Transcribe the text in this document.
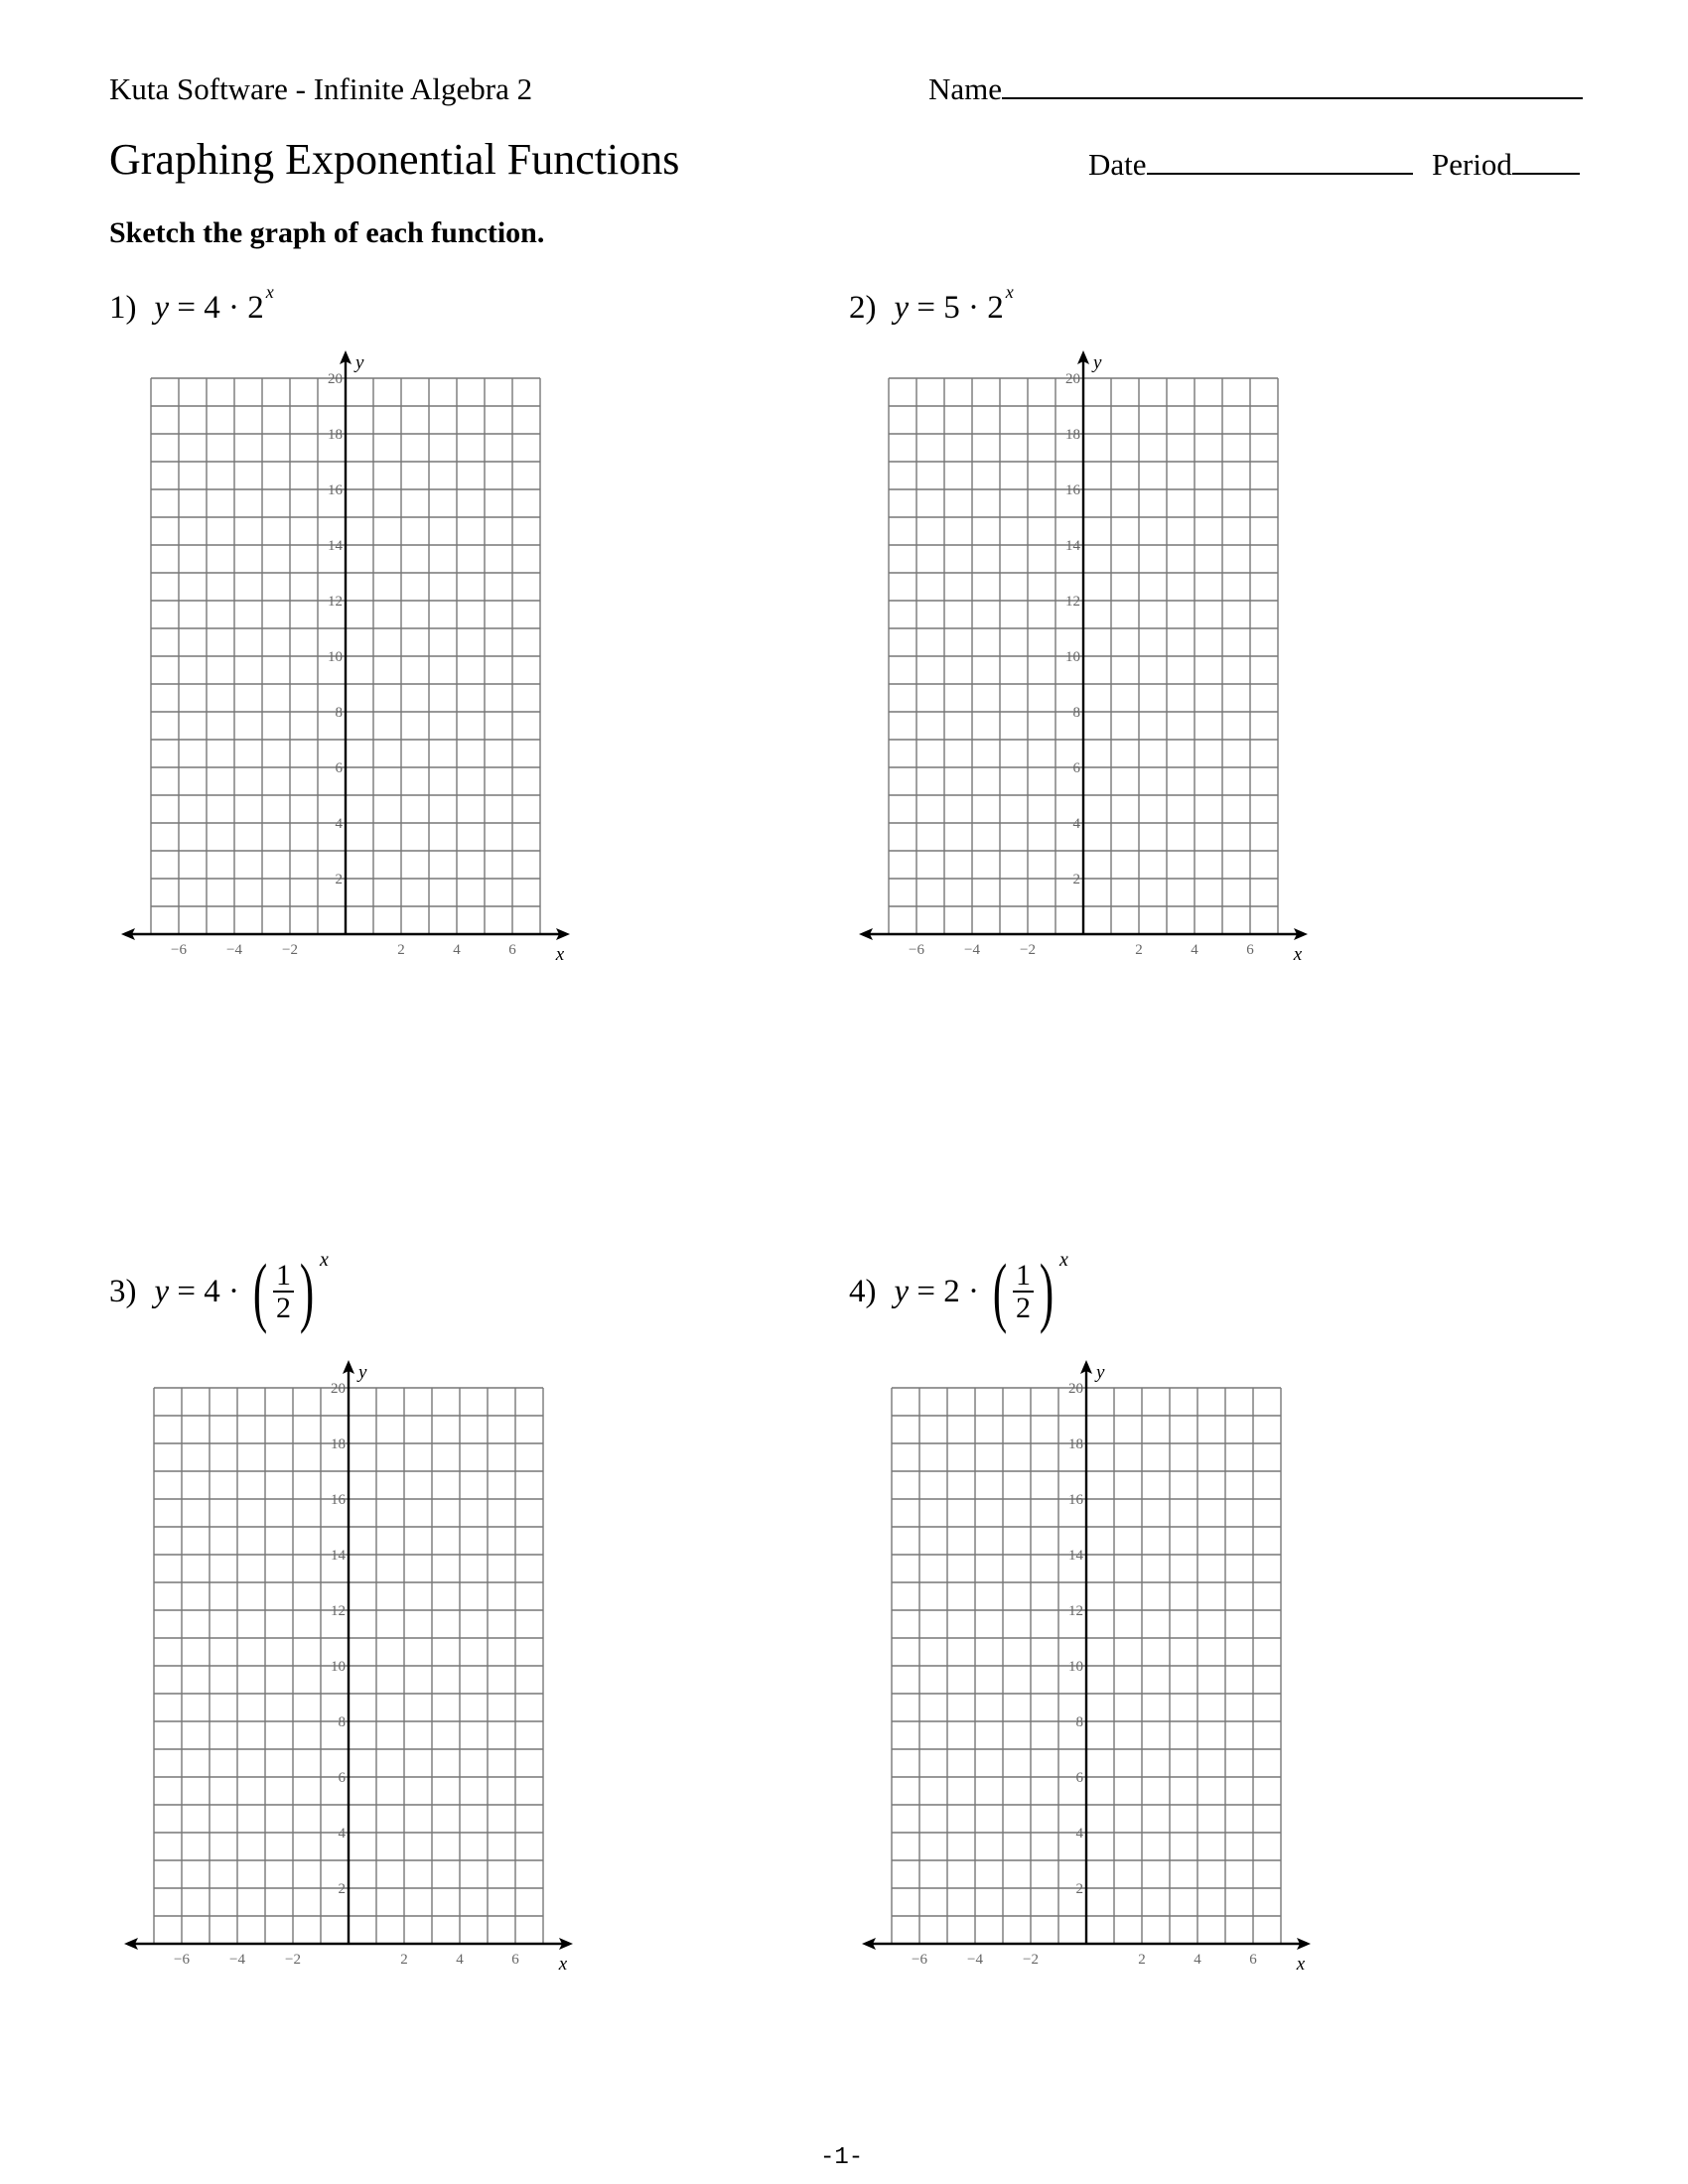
Kuta Software - Infinite Algebra 2	Name
Graphing Exponential Functions	Date	Period
Sketch the graph of each function.
1) y
= 4 · 2 x	2) y
= 5 · 2 x
3) y
= 4 · ( $\frac{1}{2}$ ) x
4) y
= 2 · ( $\frac{1}{2}$ ) x
−6	−4	−2	2	4	6
2
4
6
8
10
12
14
16
18
20
x
y
−6	−4	−2	2	4	6
2
4
6
8
10
12
14
16
18
20
x
y
−6	−4	−2	2	4	6
2
4
6
8
10
12
14
16
18
20
x
y
−6	−4	−2	2	4	6
2
4
6
8
10
12
14
16
18
20
x
y
-1-
